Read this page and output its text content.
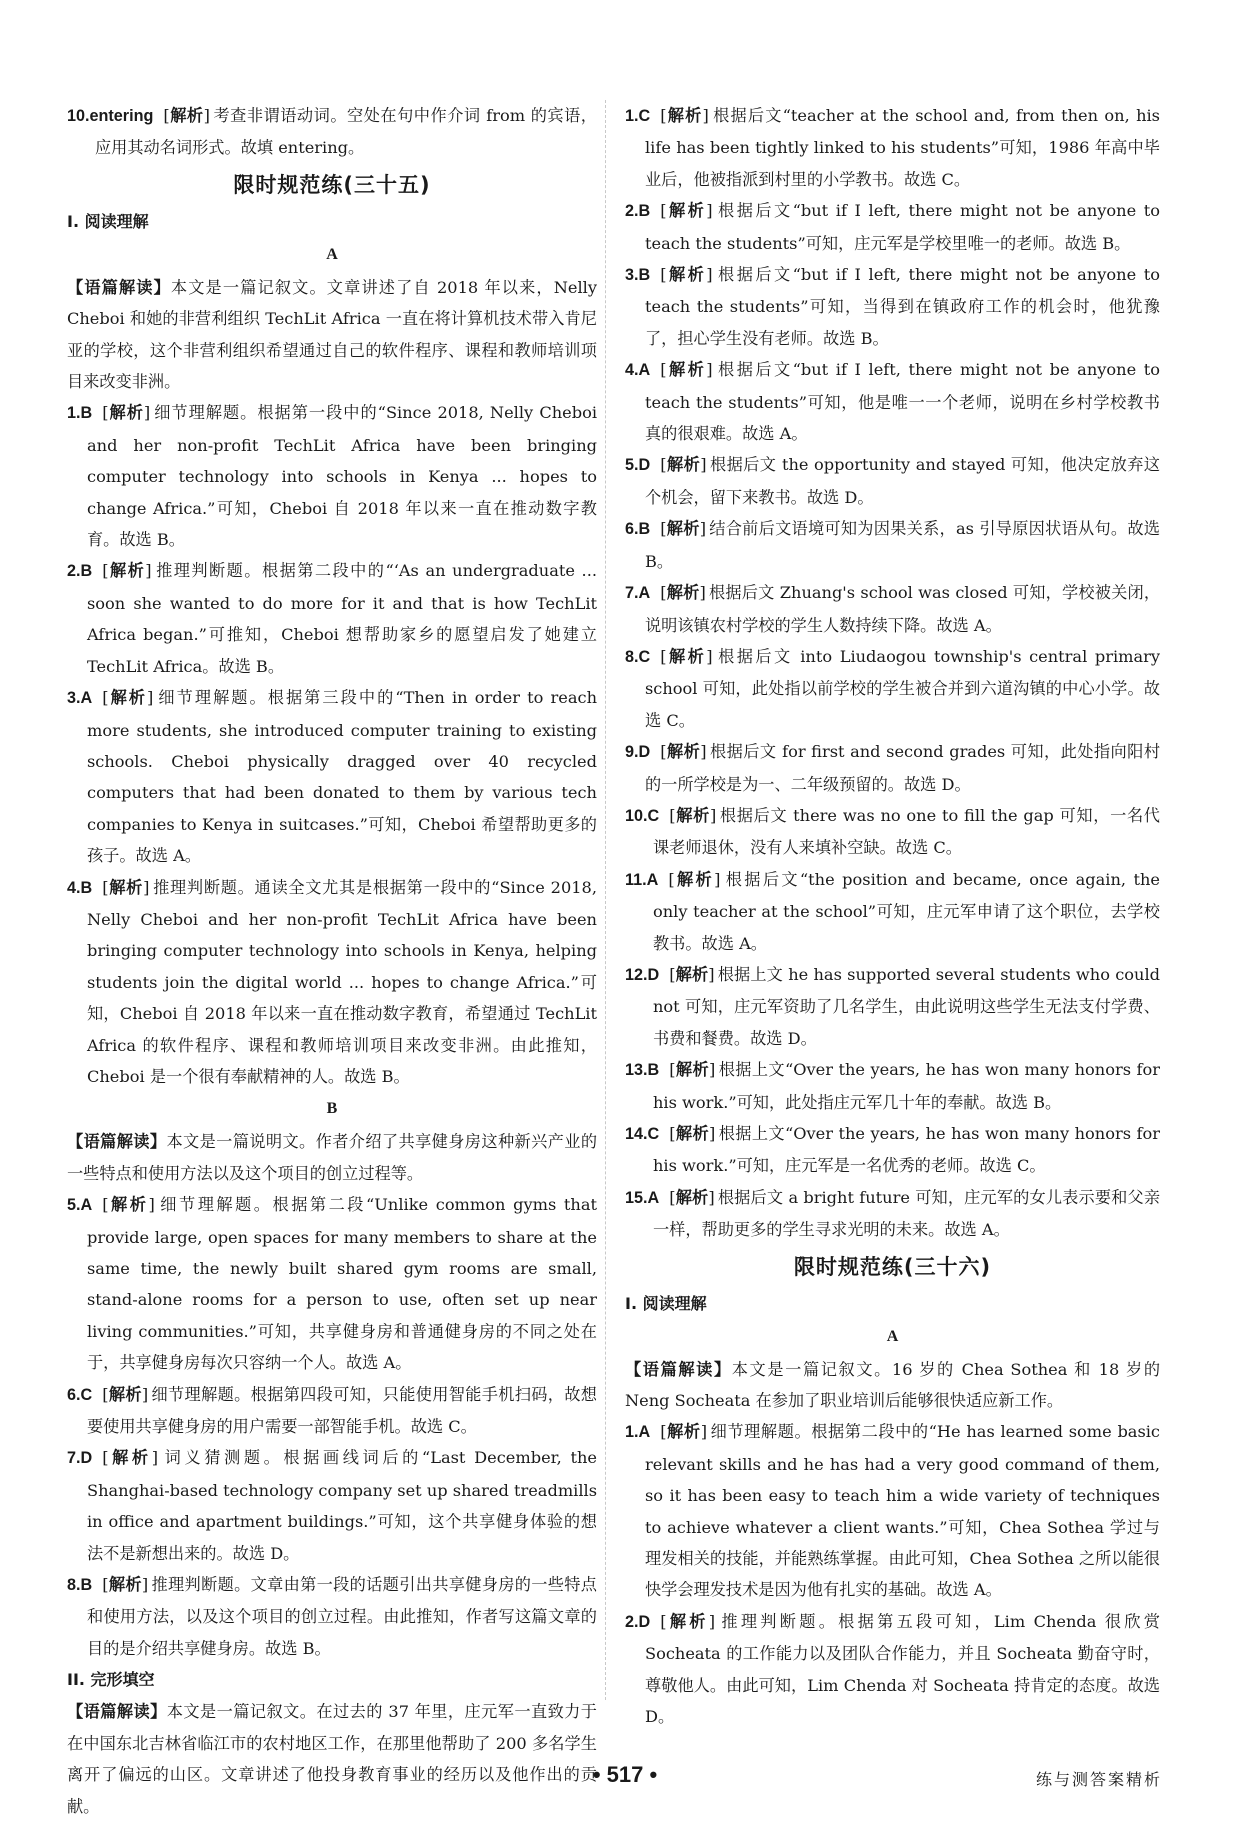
10.entering [解析] 考查非谓语动词。空处在句中作介词 from 的宾语，应用其动名词形式。故填 entering。

限时规范练(三十五)
I. 阅读理解
A

【语篇解读】本文是一篇记叙文。文章讲述了自 2018 年以来，Nelly Cheboi 和她的非营利组织 TechLit Africa 一直在将计算机技术带入肯尼亚的学校，这个非营利组织希望通过自己的软件程序、课程和教师培训项目来改变非洲。

1.B [解析] 细节理解题。根据第一段中的“Since 2018, Nelly Cheboi and her non-profit TechLit Africa have been bringing computer technology into schools in Kenya ... hopes to change Africa.”可知，Cheboi 自 2018 年以来一直在推动数字教育。故选 B。

2.B [解析] 推理判断题。根据第二段中的“‘As an undergraduate ... soon she wanted to do more for it and that is how TechLit Africa began.”可推知，Cheboi 想帮助家乡的愿望启发了她建立 TechLit Africa。故选 B。

3.A [解析] 细节理解题。根据第三段中的“Then in order to reach more students, she introduced computer training to existing schools. Cheboi physically dragged over 40 recycled computers that had been donated to them by various tech companies to Kenya in suitcases.”可知，Cheboi 希望帮助更多的孩子。故选 A。

4.B [解析] 推理判断题。通读全文尤其是根据第一段中的“Since 2018, Nelly Cheboi and her non-profit TechLit Africa have been bringing computer technology into schools in Kenya, helping students join the digital world ... hopes to change Africa.”可知，Cheboi 自 2018 年以来一直在推动数字教育，希望通过 TechLit Africa 的软件程序、课程和教师培训项目来改变非洲。由此推知，Cheboi 是一个很有奉献精神的人。故选 B。

B

【语篇解读】本文是一篇说明文。作者介绍了共享健身房这种新兴产业的一些特点和使用方法以及这个项目的创立过程等。

5.A [解析] 细节理解题。根据第二段“Unlike common gyms that provide large, open spaces for many members to share at the same time, the newly built shared gym rooms are small, stand-alone rooms for a person to use, often set up near living communities.”可知，共享健身房和普通健身房的不同之处在于，共享健身房每次只容纳一个人。故选 A。

6.C [解析] 细节理解题。根据第四段可知，只能使用智能手机扫码，故想要使用共享健身房的用户需要一部智能手机。故选 C。

7.D [解析] 词义猜测题。根据画线词后的“Last December, the Shanghai-based technology company set up shared treadmills in office and apartment buildings.”可知，这个共享健身体验的想法不是新想出来的。故选 D。

8.B [解析] 推理判断题。文章由第一段的话题引出共享健身房的一些特点和使用方法，以及这个项目的创立过程。由此推知，作者写这篇文章的目的是介绍共享健身房。故选 B。

II. 完形填空

【语篇解读】本文是一篇记叙文。在过去的 37 年里，庄元军一直致力于在中国东北吉林省临江市的农村地区工作，在那里他帮助了 200 多名学生离开了偏远的山区。文章讲述了他投身教育事业的经历以及他作出的贡献。

1.C [解析] 根据后文“teacher at the school and, from then on, his life has been tightly linked to his students”可知，1986 年高中毕业后，他被指派到村里的小学教书。故选 C。

2.B [解析] 根据后文“but if I left, there might not be anyone to teach the students”可知，庄元军是学校里唯一的老师。故选 B。

3.B [解析] 根据后文“but if I left, there might not be anyone to teach the students”可知，当得到在镇政府工作的机会时，他犹豫了，担心学生没有老师。故选 B。

4.A [解析] 根据后文“but if I left, there might not be anyone to teach the students”可知，他是唯一一个老师，说明在乡村学校教书真的很艰难。故选 A。

5.D [解析] 根据后文 the opportunity and stayed 可知，他决定放弃这个机会，留下来教书。故选 D。

6.B [解析] 结合前后文语境可知为因果关系，as 引导原因状语从句。故选 B。

7.A [解析] 根据后文 Zhuang's school was closed 可知，学校被关闭，说明该镇农村学校的学生人数持续下降。故选 A。

8.C [解析] 根据后文 into Liudaogou township's central primary school 可知，此处指以前学校的学生被合并到六道沟镇的中心小学。故选 C。

9.D [解析] 根据后文 for first and second grades 可知，此处指向阳村的一所学校是为一、二年级预留的。故选 D。

10.C [解析] 根据后文 there was no one to fill the gap 可知，一名代课老师退休，没有人来填补空缺。故选 C。

11.A [解析] 根据后文“the position and became, once again, the only teacher at the school”可知，庄元军申请了这个职位，去学校教书。故选 A。

12.D [解析] 根据上文 he has supported several students who could not 可知，庄元军资助了几名学生，由此说明这些学生无法支付学费、书费和餐费。故选 D。

13.B [解析] 根据上文“Over the years, he has won many honors for his work.”可知，此处指庄元军几十年的奉献。故选 B。

14.C [解析] 根据上文“Over the years, he has won many honors for his work.”可知，庄元军是一名优秀的老师。故选 C。

15.A [解析] 根据后文 a bright future 可知，庄元军的女儿表示要和父亲一样，帮助更多的学生寻求光明的未来。故选 A。

限时规范练(三十六)
I. 阅读理解
A

【语篇解读】本文是一篇记叙文。16 岁的 Chea Sothea 和 18 岁的 Neng Socheata 在参加了职业培训后能够很快适应新工作。

1.A [解析] 细节理解题。根据第二段中的“He has learned some basic relevant skills and he has had a very good command of them, so it has been easy to teach him a wide variety of techniques to achieve whatever a client wants.”可知，Chea Sothea 学过与理发相关的技能，并能熟练掌握。由此可知，Chea Sothea 之所以能很快学会理发技术是因为他有扎实的基础。故选 A。

2.D [解析] 推理判断题。根据第五段可知，Lim Chenda 很欣赏 Socheata 的工作能力以及团队合作能力，并且 Socheata 勤奋守时，尊敬他人。由此可知，Lim Chenda 对 Socheata 持肯定的态度。故选 D。

• 517 •	练与测答案精析
